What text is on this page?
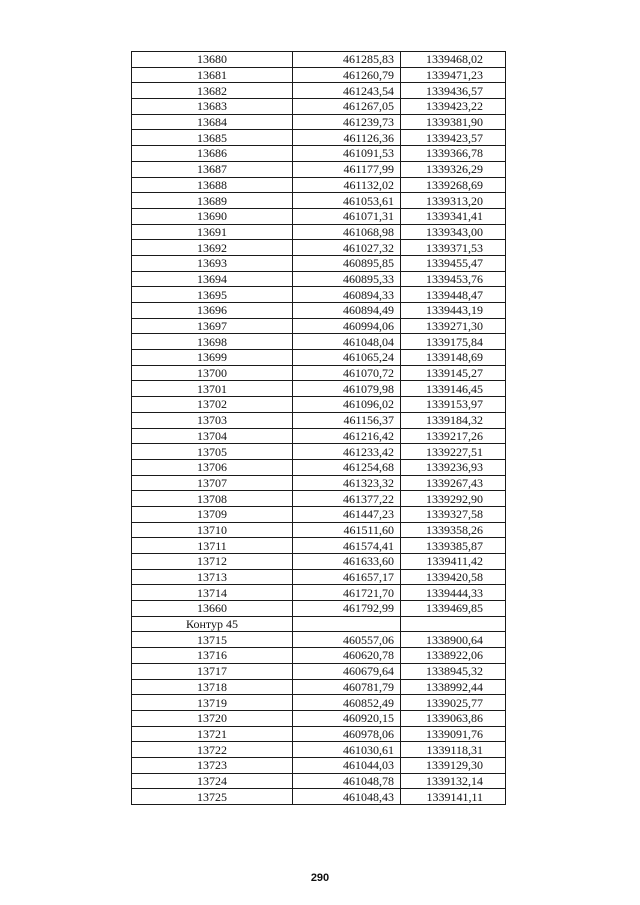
13680	461285,83	1339468,02
13681	461260,79	1339471,23
13682	461243,54	1339436,57
13683	461267,05	1339423,22
13684	461239,73	1339381,90
13685	461126,36	1339423,57
13686	461091,53	1339366,78
13687	461177,99	1339326,29
13688	461132,02	1339268,69
13689	461053,61	1339313,20
13690	461071,31	1339341,41
13691	461068,98	1339343,00
13692	461027,32	1339371,53
13693	460895,85	1339455,47
13694	460895,33	1339453,76
13695	460894,33	1339448,47
13696	460894,49	1339443,19
13697	460994,06	1339271,30
13698	461048,04	1339175,84
13699	461065,24	1339148,69
13700	461070,72	1339145,27
13701	461079,98	1339146,45
13702	461096,02	1339153,97
13703	461156,37	1339184,32
13704	461216,42	1339217,26
13705	461233,42	1339227,51
13706	461254,68	1339236,93
13707	461323,32	1339267,43
13708	461377,22	1339292,90
13709	461447,23	1339327,58
13710	461511,60	1339358,26
13711	461574,41	1339385,87
13712	461633,60	1339411,42
13713	461657,17	1339420,58
13714	461721,70	1339444,33
13660	461792,99	1339469,85
Контур 45		
13715	460557,06	1338900,64
13716	460620,78	1338922,06
13717	460679,64	1338945,32
13718	460781,79	1338992,44
13719	460852,49	1339025,77
13720	460920,15	1339063,86
13721	460978,06	1339091,76
13722	461030,61	1339118,31
13723	461044,03	1339129,30
13724	461048,78	1339132,14
13725	461048,43	1339141,11
290
